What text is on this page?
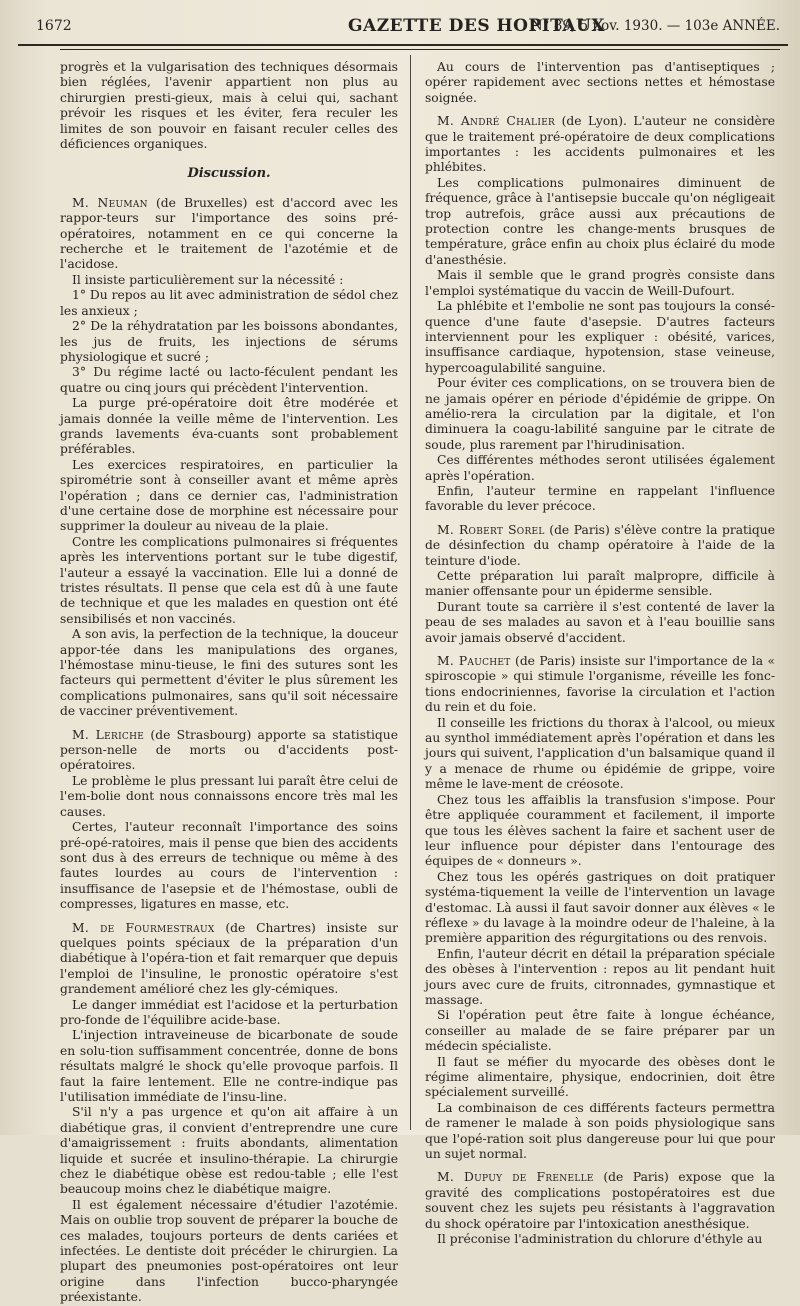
1672	GAZETTE DES HOPITAUX
N° 89, 5 nov. 1930. — 103e ANNÉE.

progrès et la vulgarisation des techniques désormais bien réglées, l'avenir appartient non plus au chirurgien presti-gieux, mais à celui qui, sachant prévoir les risques et les éviter, fera reculer les limites de son pouvoir en faisant reculer celles des déficiences organiques.

Discussion.

M. Neuman (de Bruxelles) est d'accord avec les rappor-teurs sur l'importance des soins pré-opératoires, notamment en ce qui concerne la recherche et le traitement de l'azotémie et de l'acidose.

Il insiste particulièrement sur la nécessité :

1° Du repos au lit avec administration de sédol chez les anxieux ;

2° De la réhydratation par les boissons abondantes, les jus de fruits, les injections de sérums physiologique et sucré ;

3° Du régime lacté ou lacto-féculent pendant les quatre ou cinq jours qui précèdent l'intervention.

La purge pré-opératoire doit être modérée et jamais donnée la veille même de l'intervention. Les grands lavements éva-cuants sont probablement préférables.

Les exercices respiratoires, en particulier la spirométrie sont à conseiller avant et même après l'opération ; dans ce dernier cas, l'administration d'une certaine dose de morphine est nécessaire pour supprimer la douleur au niveau de la plaie.

Contre les complications pulmonaires si fréquentes après les interventions portant sur le tube digestif, l'auteur a essayé la vaccination. Elle lui a donné de tristes résultats. Il pense que cela est dû à une faute de technique et que les malades en question ont été sensibilisés et non vaccinés.

A son avis, la perfection de la technique, la douceur appor-tée dans les manipulations des organes, l'hémostase minu-tieuse, le fini des sutures sont les facteurs qui permettent d'éviter le plus sûrement les complications pulmonaires, sans qu'il soit nécessaire de vacciner préventivement.

M. Leriche (de Strasbourg) apporte sa statistique person-nelle de morts ou d'accidents post-opératoires.

Le problème le plus pressant lui paraît être celui de l'em-bolie dont nous connaissons encore très mal les causes.

Certes, l'auteur reconnaît l'importance des soins pré-opé-ratoires, mais il pense que bien des accidents sont dus à des erreurs de technique ou même à des fautes lourdes au cours de l'intervention : insuffisance de l'asepsie et de l'hémostase, oubli de compresses, ligatures en masse, etc.

M. de Fourmestraux (de Chartres) insiste sur quelques points spéciaux de la préparation d'un diabétique à l'opéra-tion et fait remarquer que depuis l'emploi de l'insuline, le pronostic opératoire s'est grandement amélioré chez les gly-cémiques.

Le danger immédiat est l'acidose et la perturbation pro-fonde de l'équilibre acide-base.

L'injection intraveineuse de bicarbonate de soude en solu-tion suffisamment concentrée, donne de bons résultats malgré le shock qu'elle provoque parfois. Il faut la faire lentement. Elle ne contre-indique pas l'utilisation immédiate de l'insu-line.

S'il n'y a pas urgence et qu'on ait affaire à un diabétique gras, il convient d'entreprendre une cure d'amaigrissement : fruits abondants, alimentation liquide et sucrée et insulino-thérapie. La chirurgie chez le diabétique obèse est redou-table ; elle l'est beaucoup moins chez le diabétique maigre.

Il est également nécessaire d'étudier l'azotémie. Mais on oublie trop souvent de préparer la bouche de ces malades, toujours porteurs de dents cariées et infectées. Le dentiste doit précéder le chirurgien. La plupart des pneumonies post-opératoires ont leur origine dans l'infection bucco-pharyngée préexistante.

Au cours de l'intervention pas d'antiseptiques ; opérer rapidement avec sections nettes et hémostase soignée.

M. André Chalier (de Lyon). L'auteur ne considère que le traitement pré-opératoire de deux complications importantes : les accidents pulmonaires et les phlébites.

Les complications pulmonaires diminuent de fréquence, grâce à l'antisepsie buccale qu'on négligeait trop autrefois, grâce aussi aux précautions de protection contre les change-ments brusques de température, grâce enfin au choix plus éclairé du mode d'anesthésie.

Mais il semble que le grand progrès consiste dans l'emploi systématique du vaccin de Weill-Dufourt.

La phlébite et l'embolie ne sont pas toujours la consé-quence d'une faute d'asepsie. D'autres facteurs interviennent pour les expliquer : obésité, varices, insuffisance cardiaque, hypotension, stase veineuse, hypercoagulabilité sanguine.

Pour éviter ces complications, on se trouvera bien de ne jamais opérer en période d'épidémie de grippe. On amélio-rera la circulation par la digitale, et l'on diminuera la coagu-labilité sanguine par le citrate de soude, plus rarement par l'hirudinisation.

Ces différentes méthodes seront utilisées également après l'opération.

Enfin, l'auteur termine en rappelant l'influence favorable du lever précoce.

M. Robert Sorel (de Paris) s'élève contre la pratique de désinfection du champ opératoire à l'aide de la teinture d'iode.

Cette préparation lui paraît malpropre, difficile à manier offensante pour un épiderme sensible.

Durant toute sa carrière il s'est contenté de laver la peau de ses malades au savon et à l'eau bouillie sans avoir jamais observé d'accident.

M. Pauchet (de Paris) insiste sur l'importance de la « spiroscopie » qui stimule l'organisme, réveille les fonc-tions endocriniennes, favorise la circulation et l'action du rein et du foie.

Il conseille les frictions du thorax à l'alcool, ou mieux au synthol immédiatement après l'opération et dans les jours qui suivent, l'application d'un balsamique quand il y a menace de rhume ou épidémie de grippe, voire même le lave-ment de créosote.

Chez tous les affaiblis la transfusion s'impose. Pour être appliquée couramment et facilement, il importe que tous les élèves sachent la faire et sachent user de leur influence pour dépister dans l'entourage des équipes de « donneurs ».

Chez tous les opérés gastriques on doit pratiquer systéma-tiquement la veille de l'intervention un lavage d'estomac. Là aussi il faut savoir donner aux élèves « le réflexe » du lavage à la moindre odeur de l'haleine, à la première apparition des régurgitations ou des renvois.

Enfin, l'auteur décrit en détail la préparation spéciale des obèses à l'intervention : repos au lit pendant huit jours avec cure de fruits, citronnades, gymnastique et massage.

Si l'opération peut être faite à longue échéance, conseiller au malade de se faire préparer par un médecin spécialiste.

Il faut se méfier du myocarde des obèses dont le régime alimentaire, physique, endocrinien, doit être spécialement surveillé.

La combinaison de ces différents facteurs permettra de ramener le malade à son poids physiologique sans que l'opé-ration soit plus dangereuse pour lui que pour un sujet normal.

M. Dupuy de Frenelle (de Paris) expose que la gravité des complications postopératoires est due souvent chez les sujets peu résistants à l'aggravation du shock opératoire par l'intoxication anesthésique.

Il préconise l'administration du chlorure d'éthyle au
